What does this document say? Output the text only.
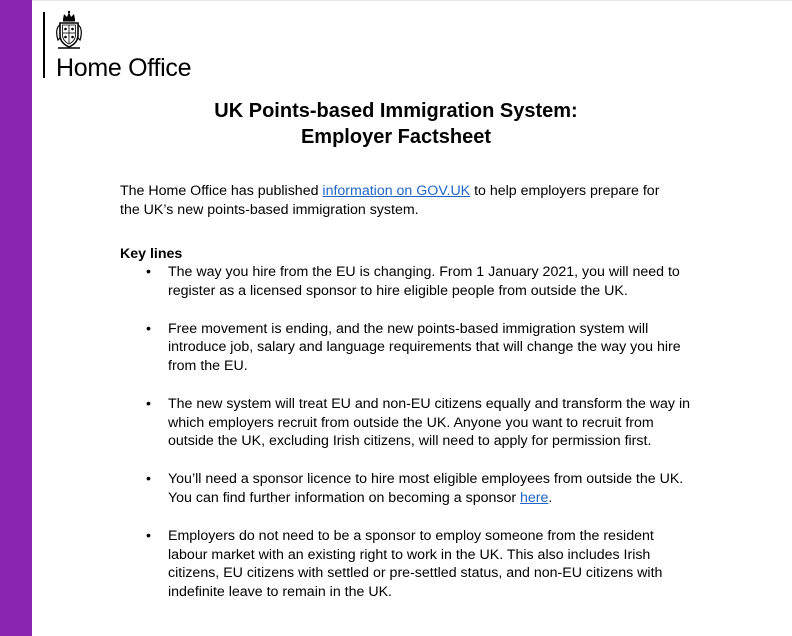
Home Office
UK Points-based Immigration System:
Employer Factsheet

The Home Office has published information on GOV.UK to help employers prepare for the UK’s new points-based immigration system.

Key lines
• The way you hire from the EU is changing. From 1 January 2021, you will need to register as a licensed sponsor to hire eligible people from outside the UK.
• Free movement is ending, and the new points-based immigration system will introduce job, salary and language requirements that will change the way you hire from the EU.
• The new system will treat EU and non-EU citizens equally and transform the way in which employers recruit from outside the UK. Anyone you want to recruit from outside the UK, excluding Irish citizens, will need to apply for permission first.
• You’ll need a sponsor licence to hire most eligible employees from outside the UK. You can find further information on becoming a sponsor here.
• Employers do not need to be a sponsor to employ someone from the resident labour market with an existing right to work in the UK. This also includes Irish citizens, EU citizens with settled or pre-settled status, and non-EU citizens with indefinite leave to remain in the UK.
